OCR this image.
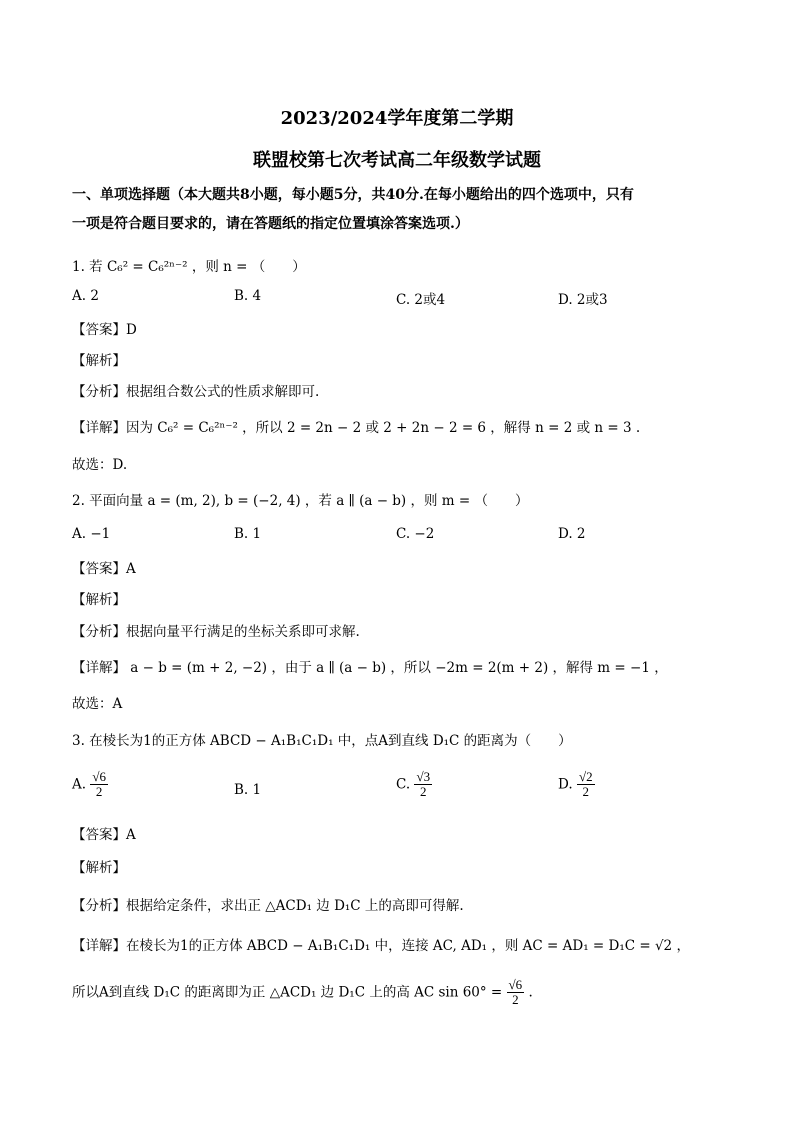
2023/2024学年度第二学期
联盟校第七次考试高二年级数学试题
一、单项选择题（本大题共8小题，每小题5分，共40分.在每小题给出的四个选项中，只有
一项是符合题目要求的，请在答题纸的指定位置填涂答案选项.）
1. 若 C₆² = C₆²ⁿ⁻² ，则 n = （　　）
A. 2	B. 4	C. 2或4	D. 2或3
【答案】D
【解析】
【分析】根据组合数公式的性质求解即可.
【详解】因为 C₆² = C₆²ⁿ⁻² ，所以 2 = 2n − 2 或 2 + 2n − 2 = 6 ，解得 n = 2 或 n = 3 .
故选：D.
2. 平面向量 a = (m, 2), b = (−2, 4) ，若 a ∥ (a − b) ，则 m = （　　）
A. −1	B. 1	C. −2	D. 2
【答案】A
【解析】
【分析】根据向量平行满足的坐标关系即可求解.
【详解】 a − b = (m + 2, −2) ，由于 a ∥ (a − b) ，所以 −2m = 2(m + 2) ，解得 m = −1 ，
故选：A
3. 在棱长为1的正方体 ABCD − A₁B₁C₁D₁ 中，点A到直线 D₁C 的距离为（　　）
A. $\frac{√6}{2}$	B. 1	C. $\frac{√3}{2}$	D. $\frac{√2}{2}$
【答案】A
【解析】
【分析】根据给定条件，求出正 △ACD₁ 边 D₁C 上的高即可得解.
【详解】在棱长为1的正方体 ABCD − A₁B₁C₁D₁ 中，连接 AC, AD₁ ，则 AC = AD₁ = D₁C = √2 ，
所以A到直线 D₁C 的距离即为正 △ACD₁ 边 D₁C 上的高 AC $\sin 60^\circ = \frac{√6}{2}$ .
